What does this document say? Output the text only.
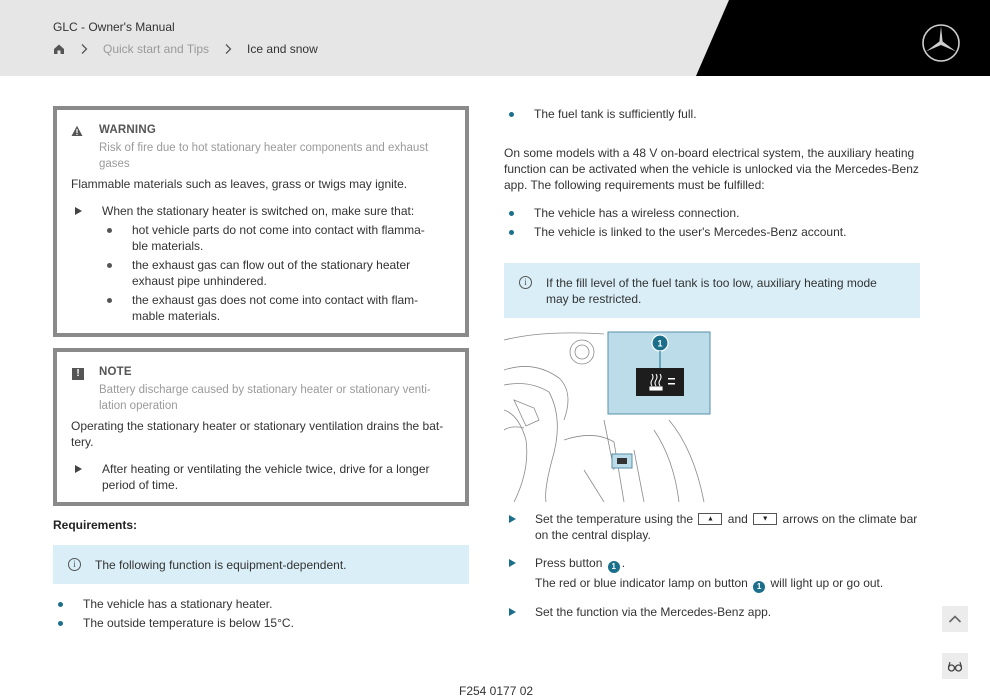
GLC - Owner's Manual
Quick start and Tips	Ice and snow
WARNING
Risk of fire due to hot stationary heater components and exhaust
gases
Flammable materials such as leaves, grass or twigs may ignite.
When the stationary heater is switched on, make sure that:
hot vehicle parts do not come into contact with flamma-
ble materials.
the exhaust gas can flow out of the stationary heater
exhaust pipe unhindered.
the exhaust gas does not come into contact with flam-
mable materials.
!	NOTE
Battery discharge caused by stationary heater or stationary venti-
lation operation
Operating the stationary heater or stationary ventilation drains the bat-
tery.
After heating or ventilating the vehicle twice, drive for a longer
period of time.
Requirements:
i	The following function is equipment-dependent.
The vehicle has a stationary heater.
The outside temperature is below 15°C.
The fuel tank is sufficiently full.
On some models with a 48 V on-board electrical system, the auxiliary heating
function can be activated when the vehicle is unlocked via the Mercedes-Benz
app. The following requirements must be fulfilled:
The vehicle has a wireless connection.
The vehicle is linked to the user's Mercedes-Benz account.
i	If the fill level of the fuel tank is too low, auxiliary heating mode
may be restricted.
1
Set the temperature using the ▲ and ▼ arrows on the climate bar
on the central display.
Press button 1 .
The red or blue indicator lamp on button 1 will light up or go out.
Set the function via the Mercedes-Benz app.
F254 0177 02
